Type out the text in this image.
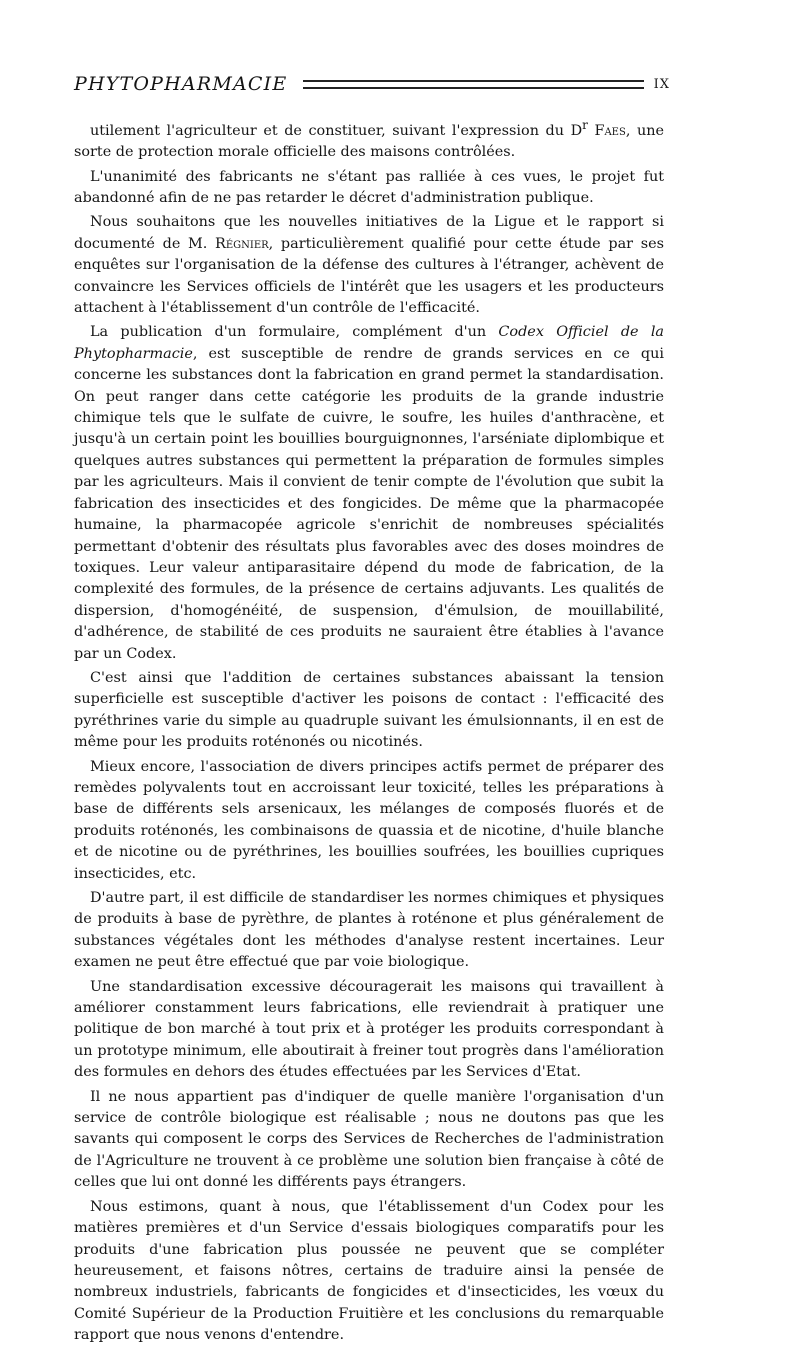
PHYTOPHARMACIE	IX

utilement l'agriculteur et de constituer, suivant l'expression du $D^r$ Faes, une sorte de protection morale officielle des maisons contrôlées.

L'unanimité des fabricants ne s'étant pas ralliée à ces vues, le projet fut abandonné afin de ne pas retarder le décret d'administration publique.

Nous souhaitons que les nouvelles initiatives de la Ligue et le rapport si documenté de M. Régnier, particulièrement qualifié pour cette étude par ses enquêtes sur l'organisation de la défense des cultures à l'étranger, achèvent de convaincre les Services officiels de l'intérêt que les usagers et les producteurs attachent à l'établissement d'un contrôle de l'efficacité.

La publication d'un formulaire, complément d'un Codex Officiel de la Phytopharmacie, est susceptible de rendre de grands services en ce qui concerne les substances dont la fabrication en grand permet la standardisation. On peut ranger dans cette catégorie les produits de la grande industrie chimique tels que le sulfate de cuivre, le soufre, les huiles d'anthracène, et jusqu'à un certain point les bouillies bourguignonnes, l'arséniate diplombique et quelques autres substances qui permettent la préparation de formules simples par les agriculteurs. Mais il convient de tenir compte de l'évolution que subit la fabrication des insecticides et des fongicides. De même que la pharmacopée humaine, la pharmacopée agricole s'enrichit de nombreuses spécialités permettant d'obtenir des résultats plus favorables avec des doses moindres de toxiques. Leur valeur antiparasitaire dépend du mode de fabrication, de la complexité des formules, de la présence de certains adjuvants. Les qualités de dispersion, d'homogénéité, de suspension, d'émulsion, de mouillabilité, d'adhérence, de stabilité de ces produits ne sauraient être établies à l'avance par un Codex.

C'est ainsi que l'addition de certaines substances abaissant la tension superficielle est susceptible d'activer les poisons de contact : l'efficacité des pyréthrines varie du simple au quadruple suivant les émulsionnants, il en est de même pour les produits roténonés ou nicotinés.

Mieux encore, l'association de divers principes actifs permet de préparer des remèdes polyvalents tout en accroissant leur toxicité, telles les préparations à base de différents sels arsenicaux, les mélanges de composés fluorés et de produits roténonés, les combinaisons de quassia et de nicotine, d'huile blanche et de nicotine ou de pyréthrines, les bouillies soufrées, les bouillies cupriques insecticides, etc.

D'autre part, il est difficile de standardiser les normes chimiques et physiques de produits à base de pyrèthre, de plantes à roténone et plus généralement de substances végétales dont les méthodes d'analyse restent incertaines. Leur examen ne peut être effectué que par voie biologique.

Une standardisation excessive découragerait les maisons qui travaillent à améliorer constamment leurs fabrications, elle reviendrait à pratiquer une politique de bon marché à tout prix et à protéger les produits correspondant à un prototype minimum, elle aboutirait à freiner tout progrès dans l'amélioration des formules en dehors des études effectuées par les Services d'Etat.

Il ne nous appartient pas d'indiquer de quelle manière l'organisation d'un service de contrôle biologique est réalisable ; nous ne doutons pas que les savants qui composent le corps des Services de Recherches de l'administration de l'Agriculture ne trouvent à ce problème une solution bien française à côté de celles que lui ont donné les différents pays étrangers.

Nous estimons, quant à nous, que l'établissement d'un Codex pour les matières premières et d'un Service d'essais biologiques comparatifs pour les produits d'une fabrication plus poussée ne peuvent que se compléter heureusement, et faisons nôtres, certains de traduire ainsi la pensée de nombreux industriels, fabricants de fongicides et d'insecticides, les vœux du Comité Supérieur de la Production Fruitière et les conclusions du remarquable rapport que nous venons d'entendre.
